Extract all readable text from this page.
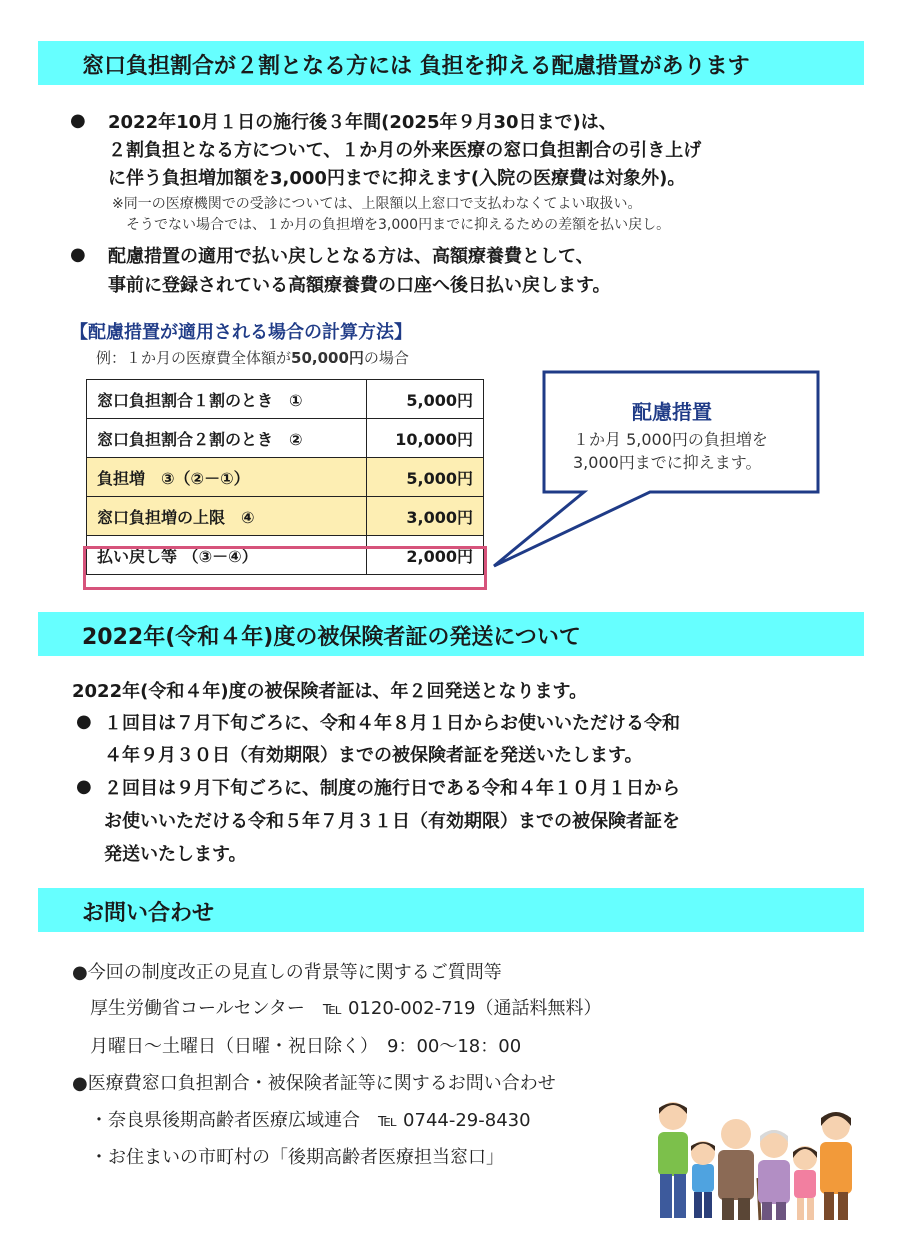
窓口負担割合が２割となる方には 負担を抑える配慮措置があります
● 2022年10月１日の施行後３年間(2025年９月30日まで)は、
２割負担となる方について、１か月の外来医療の窓口負担割合の引き上げ
に伴う負担増加額を3,000円までに抑えます(入院の医療費は対象外)。
※同一の医療機関での受診については、上限額以上窓口で支払わなくてよい取扱い。
そうでない場合では、１か月の負担増を3,000円までに抑えるための差額を払い戻し。
● 配慮措置の適用で払い戻しとなる方は、高額療養費として、
事前に登録されている高額療養費の口座へ後日払い戻します。
【配慮措置が適用される場合の計算方法】
例：１か月の医療費全体額が50,000円の場合
窓口負担割合１割のとき　①	5,000円
窓口負担割合２割のとき　②	10,000円
負担増　③（②－①）	5,000円
窓口負担増の上限　④	3,000円
払い戻し等 （③－④）	2,000円
配慮措置
１か月 5,000円の負担増を
3,000円までに抑えます。
2022年(令和４年)度の被保険者証の発送について
2022年(令和４年)度の被保険者証は、年２回発送となります。
● １回目は７月下旬ごろに、令和４年８月１日からお使いいただける令和
４年９月３０日（有効期限）までの被保険者証を発送いたします。
● ２回目は９月下旬ごろに、制度の施行日である令和４年１０月１日から
お使いいただける令和５年７月３１日（有効期限）までの被保険者証を
発送いたします。
お問い合わせ
●今回の制度改正の見直しの背景等に関するご質問等
厚生労働省コールセンター　℡ 0120-002-719（通話料無料）
月曜日～土曜日（日曜・祝日除く）　9：00～18：00
●医療費窓口負担割合・被保険者証等に関するお問い合わせ
・奈良県後期高齢者医療広域連合　℡ 0744-29-8430
・お住まいの市町村の「後期高齢者医療担当窓口」
